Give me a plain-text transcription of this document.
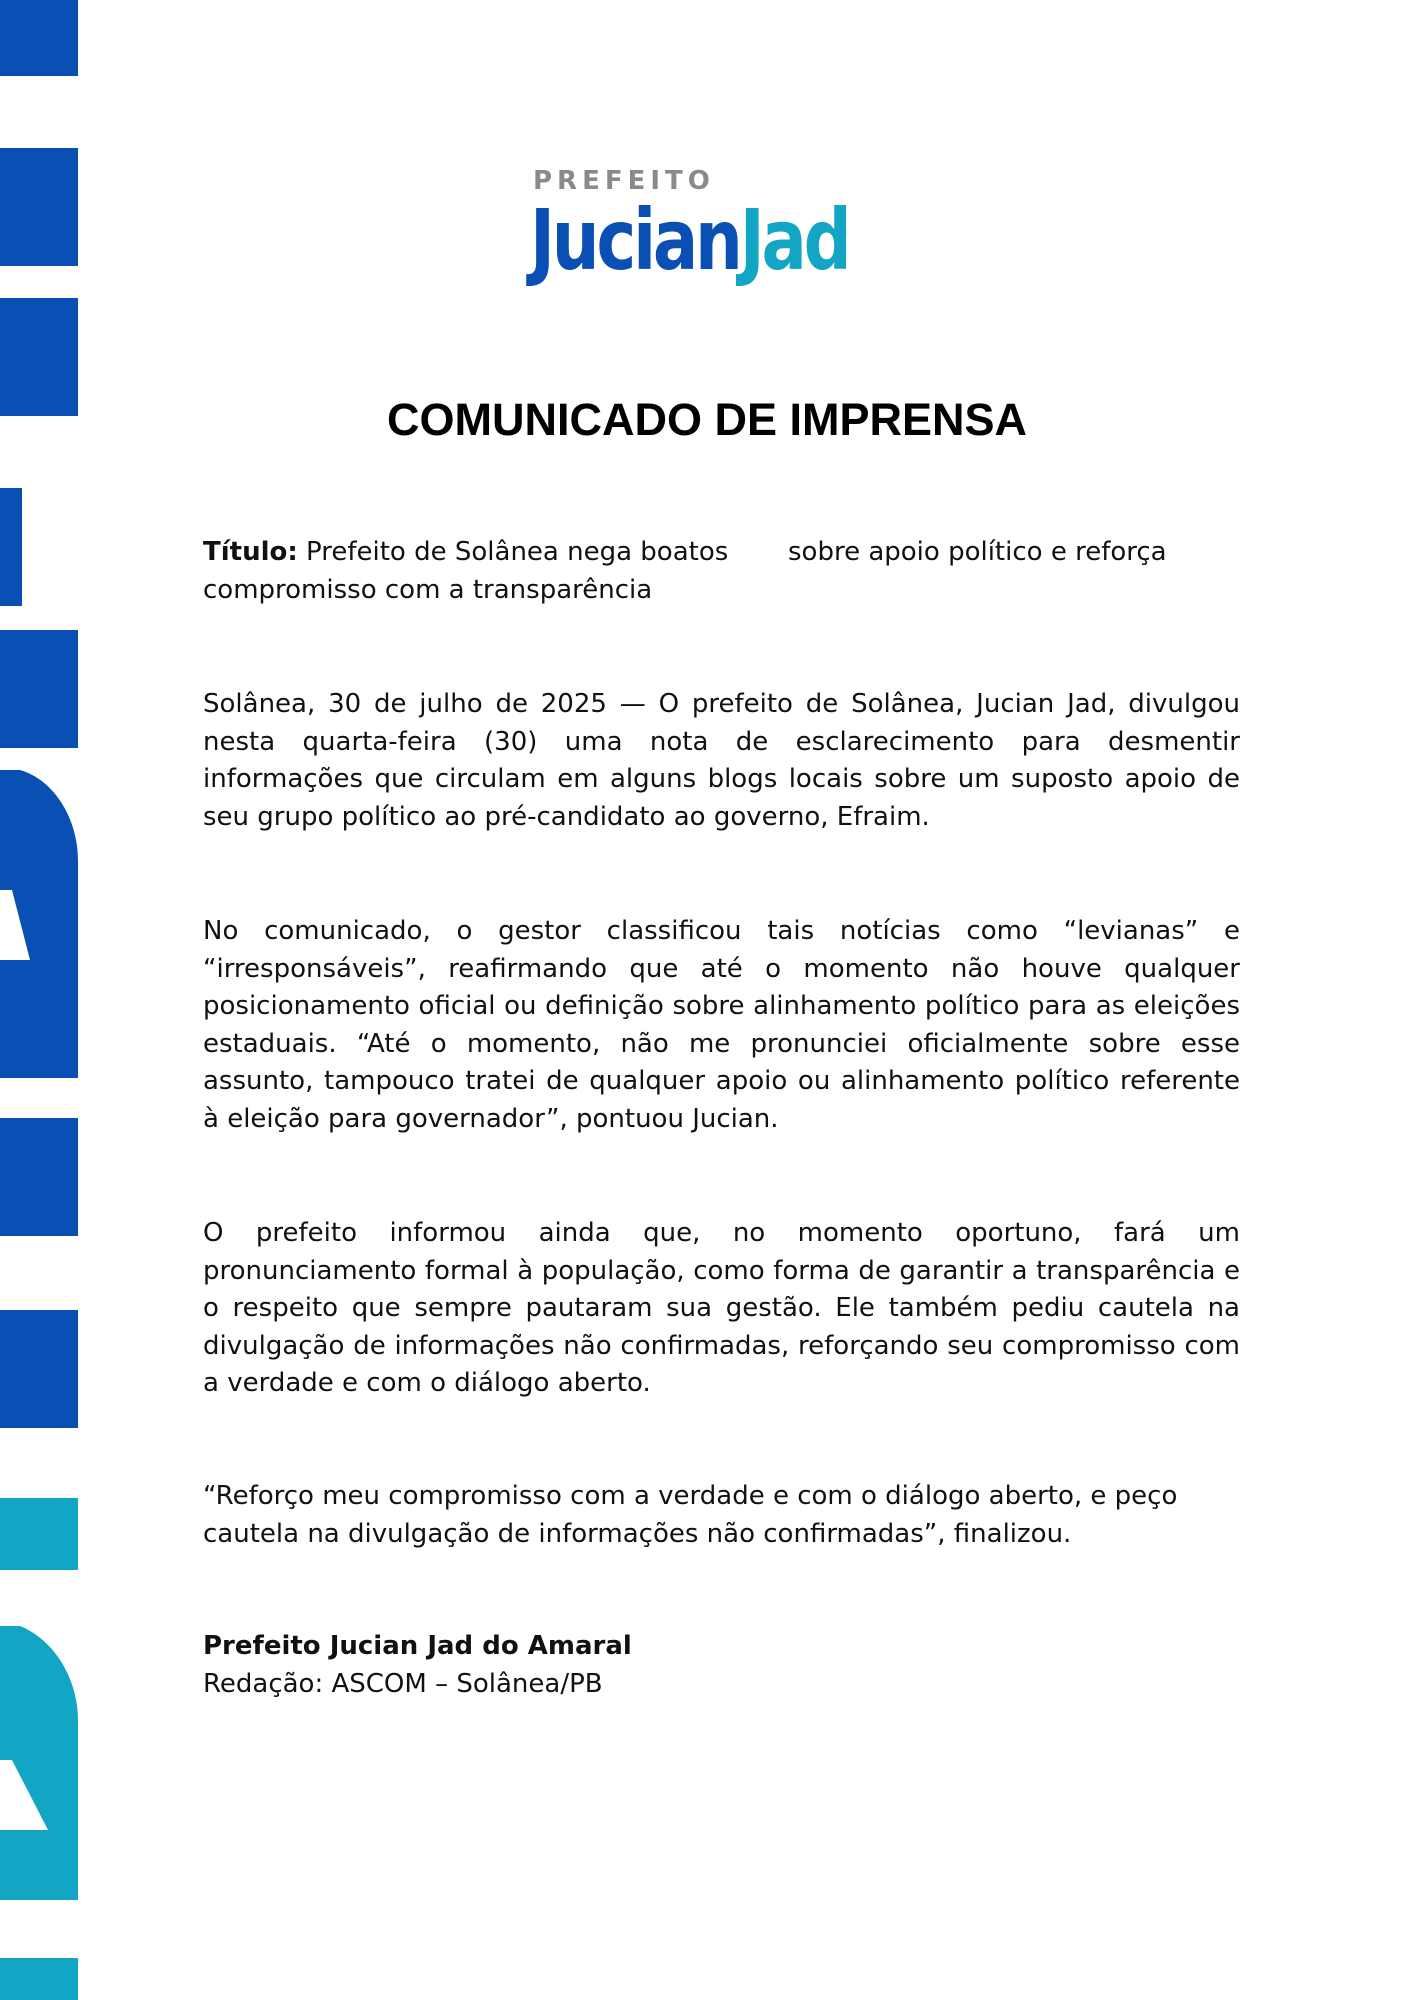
PREFEITO
JucianJad
COMUNICADO DE IMPRENSA
Título: Prefeito de Solânea nega boatos
compromisso com a transparência
sobre apoio político e reforça
Solânea, 30 de julho de 2025 — O prefeito de Solânea, Jucian Jad, divulgou nesta quarta-feira (30) uma nota de esclarecimento para desmentir informações que circulam em alguns blogs locais sobre um suposto apoio de seu grupo político ao pré-candidato ao governo, Efraim.
No comunicado, o gestor classificou tais notícias como “levianas” e “irresponsáveis”, reafirmando que até o momento não houve qualquer posicionamento oficial ou definição sobre alinhamento político para as eleições estaduais. “Até o momento, não me pronunciei oficialmente sobre esse assunto, tampouco tratei de qualquer apoio ou alinhamento político referente à eleição para governador”, pontuou Jucian.
O prefeito informou ainda que, no momento oportuno, fará um pronunciamento formal à população, como forma de garantir a transparência e o respeito que sempre pautaram sua gestão. Ele também pediu cautela na divulgação de informações não confirmadas, reforçando seu compromisso com a verdade e com o diálogo aberto.
“Reforço meu compromisso com a verdade e com o diálogo aberto, e peço
cautela na divulgação de informações não confirmadas”, finalizou.
Prefeito Jucian Jad do Amaral
Redação: ASCOM – Solânea/PB
